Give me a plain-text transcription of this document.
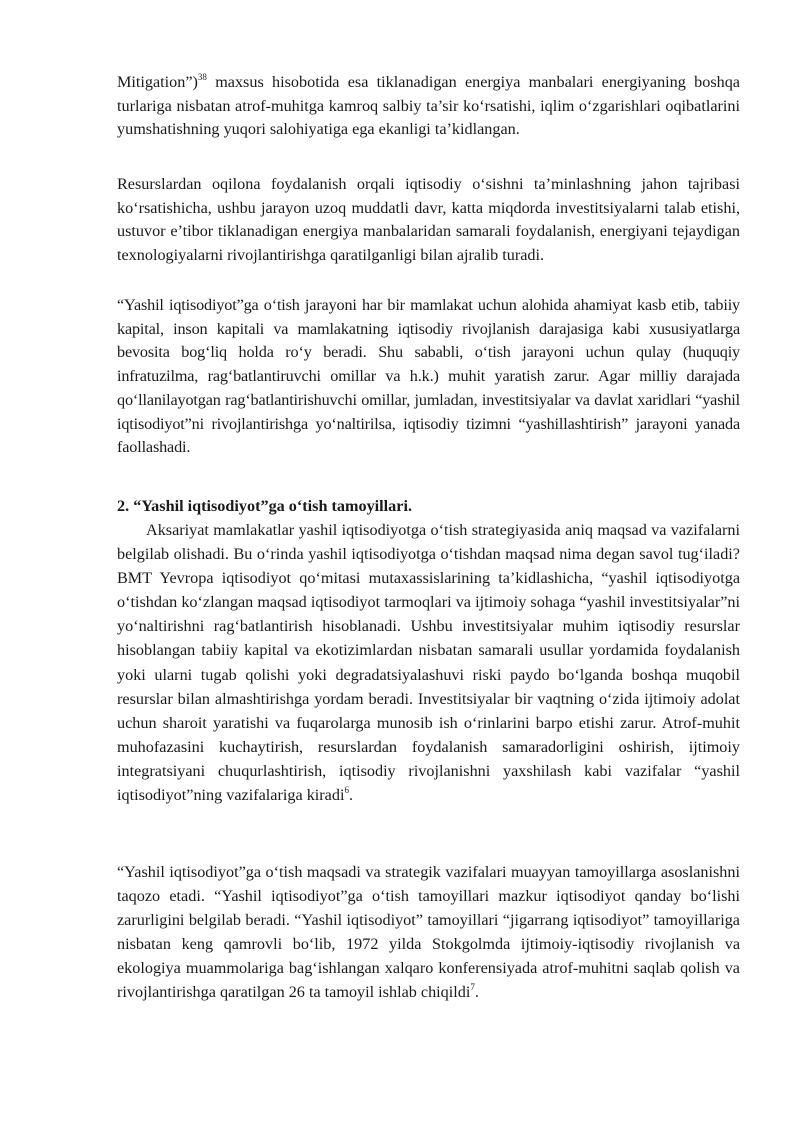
Mitigation”)$^{38}$ maxsus hisobotida esa tiklanadigan energiya manbalari energiyaning boshqa turlariga nisbatan atrof-muhitga kamroq salbiy ta’sir ko‘rsatishi, iqlim o‘zgarishlari oqibatlarini yumshatishning yuqori salohiyatiga ega ekanligi ta’kidlangan.

Resurslardan oqilona foydalanish orqali iqtisodiy o‘sishni ta’minlashning jahon tajribasi ko‘rsatishicha, ushbu jarayon uzoq muddatli davr, katta miqdorda investitsiyalarni talab etishi, ustuvor e’tibor tiklanadigan energiya manbalaridan samarali foydalanish, energiyani tejaydigan texnologiyalarni rivojlantirishga qaratilganligi bilan ajralib turadi.

“Yashil iqtisodiyot”ga o‘tish jarayoni har bir mamlakat uchun alohida ahamiyat kasb etib, tabiiy kapital, inson kapitali va mamlakatning iqtisodiy rivojlanish darajasiga kabi xususiyatlarga bevosita bog‘liq holda ro‘y beradi. Shu sababli, o‘tish jarayoni uchun qulay (huquqiy infratuzilma, rag‘batlantiruvchi omillar va h.k.) muhit yaratish zarur. Agar milliy darajada qo‘llanilayotgan rag‘batlantirishuvchi omillar, jumladan, investitsiyalar va davlat xaridlari “yashil iqtisodiyot”ni rivojlantirishga yo‘naltirilsa, iqtisodiy tizimni “yashillashtirish” jarayoni yanada faollashadi.

2. “Yashil iqtisodiyot”ga o‘tish tamoyillari.

Aksariyat mamlakatlar yashil iqtisodiyotga o‘tish strategiyasida aniq maqsad va vazifalarni belgilab olishadi. Bu o‘rinda yashil iqtisodiyotga o‘tishdan maqsad nima degan savol tug‘iladi? BMT Yevropa iqtisodiyot qo‘mitasi mutaxassislarining ta’kidlashicha, “yashil iqtisodiyotga o‘tishdan ko‘zlangan maqsad iqtisodiyot tarmoqlari va ijtimoiy sohaga “yashil investitsiyalar”ni yo‘naltirishni rag‘batlantirish hisoblanadi. Ushbu investitsiyalar muhim iqtisodiy resurslar hisoblangan tabiiy kapital va ekotizimlardan nisbatan samarali usullar yordamida foydalanish yoki ularni tugab qolishi yoki degradatsiyalashuvi riski paydo bo‘lganda boshqa muqobil resurslar bilan almashtirishga yordam beradi. Investitsiyalar bir vaqtning o‘zida ijtimoiy adolat uchun sharoit yaratishi va fuqarolarga munosib ish o‘rinlarini barpo etishi zarur. Atrof-muhit muhofazasini kuchaytirish, resurslardan foydalanish samaradorligini oshirish, ijtimoiy integratsiyani chuqurlashtirish, iqtisodiy rivojlanishni yaxshilash kabi vazifalar “yashil iqtisodiyot”ning vazifalariga kiradi$^6$.

“Yashil iqtisodiyot”ga o‘tish maqsadi va strategik vazifalari muayyan tamoyillarga asoslanishni taqozo etadi. “Yashil iqtisodiyot”ga o‘tish tamoyillari mazkur iqtisodiyot qanday bo‘lishi zarurligini belgilab beradi. “Yashil iqtisodiyot” tamoyillari “jigarrang iqtisodiyot” tamoyillariga nisbatan keng qamrovli bo‘lib, 1972 yilda Stokgolmda ijtimoiy-iqtisodiy rivojlanish va ekologiya muammolariga bag‘ishlangan xalqaro konferensiyada atrof-muhitni saqlab qolish va rivojlantirishga qaratilgan 26 ta tamoyil ishlab chiqildi$^7$.
